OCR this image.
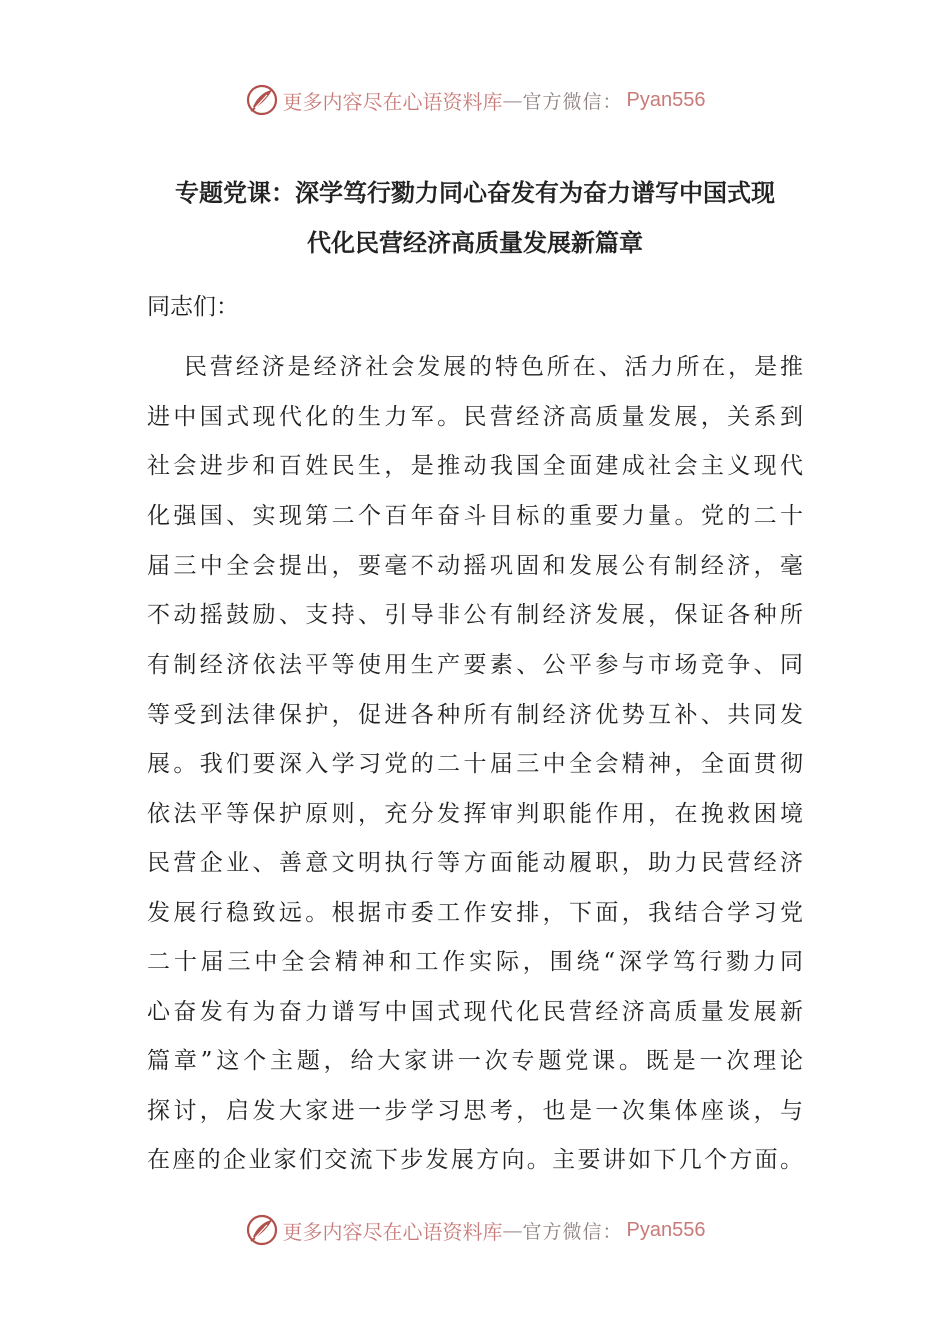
更多内容尽在心语资料库 — 官方微信： Pyan556
专题党课：深学笃行勠力同心奋发有为奋力谱写中国式现
代化民营经济高质量发展新篇章
同志们：
民营经济是经济社会发展的特色所在、活力所在，是推
进中国式现代化的生力军。民营经济高质量发展，关系到
社会进步和百姓民生，是推动我国全面建成社会主义现代
化强国、实现第二个百年奋斗目标的重要力量。党的二十
届三中全会提出，要毫不动摇巩固和发展公有制经济，毫
不动摇鼓励、支持、引导非公有制经济发展，保证各种所
有制经济依法平等使用生产要素、公平参与市场竞争、同
等受到法律保护，促进各种所有制经济优势互补、共同发
展。我们要深入学习党的二十届三中全会精神，全面贯彻
依法平等保护原则，充分发挥审判职能作用，在挽救困境
民营企业、善意文明执行等方面能动履职，助力民营经济
发展行稳致远。根据市委工作安排，下面，我结合学习党
二十届三中全会精神和工作实际，围绕“深学笃行勠力同
心奋发有为奋力谱写中国式现代化民营经济高质量发展新
篇章”这个主题，给大家讲一次专题党课。既是一次理论
探讨，启发大家进一步学习思考，也是一次集体座谈，与
在座的企业家们交流下步发展方向。主要讲如下几个方面。
更多内容尽在心语资料库 — 官方微信： Pyan556
